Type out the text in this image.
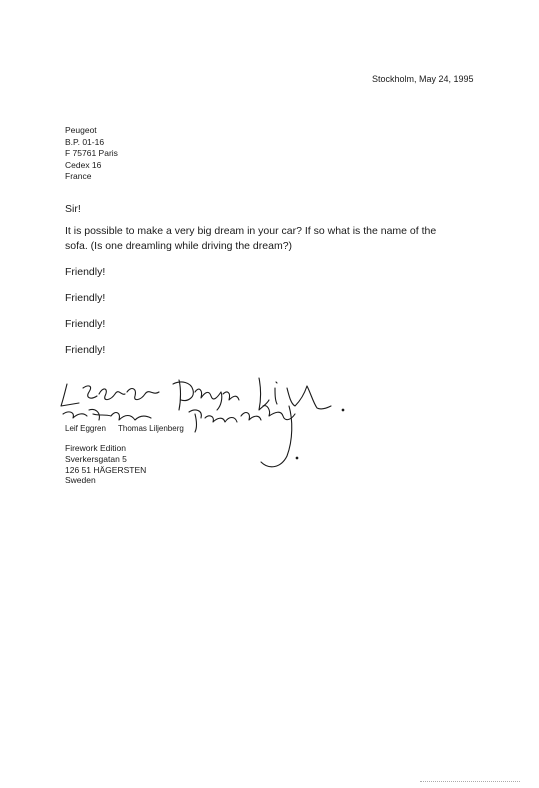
Stockholm, May 24, 1995
Peugeot
B.P. 01-16
F 75761 Paris
Cedex 16
France
Sir!
It is possible to make a very big dream in your car? If so what is the name of the
sofa. (Is one dreamling while driving the dream?)
Friendly!
Friendly!
Friendly!
Friendly!
Leif Eggren Thomas Liljenberg
Firework Edition
Sverkersgatan 5
126 51 HÄGERSTEN
Sweden
